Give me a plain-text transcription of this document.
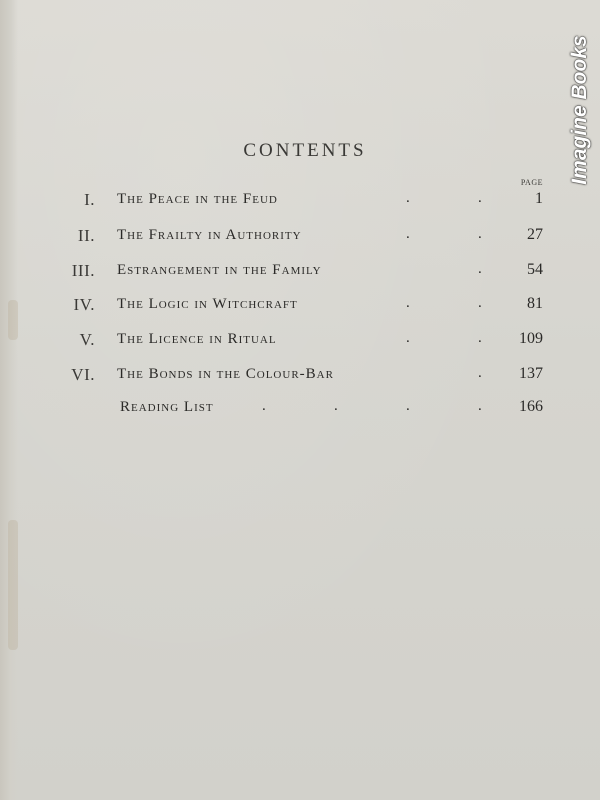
Imagine Books
CONTENTS
PAGE
I. The Peace in the Feud	.	.	1
II. The Frailty in Authority	.	.	27
III. Estrangement in the Family	.	54
IV. The Logic in Witchcraft	.	.	81
V. The Licence in Ritual	.	. 109
VI. The Bonds in the Colour-Bar	. 137
Reading List	.	.	.	. 166
